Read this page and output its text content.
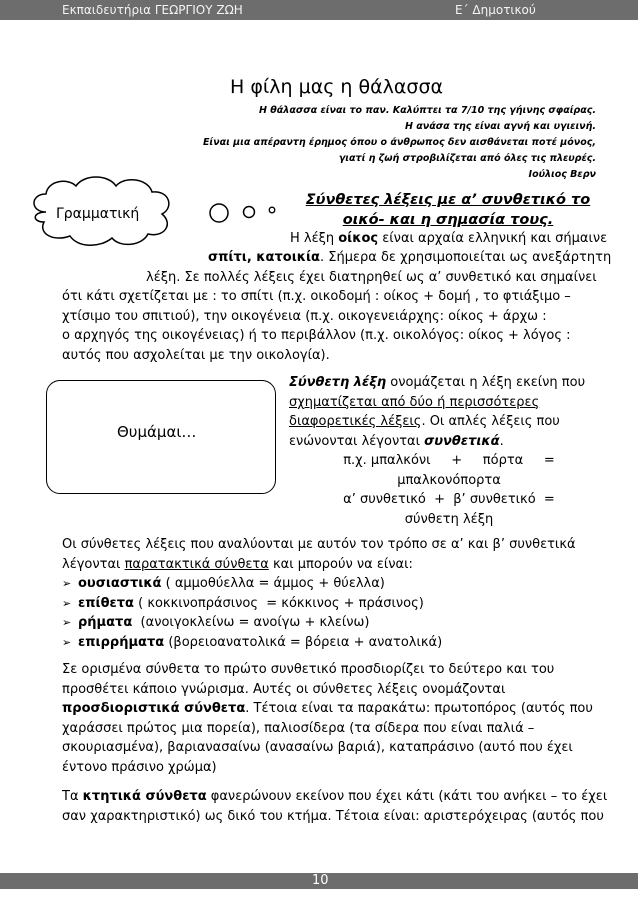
Εκπαιδευτήρια ΓΕΩΡΓΙΟΥ ΖΩΗ	Ε΄ Δημοτικού
Η φίλη μας η θάλασσα
Η θάλασσα είναι το παν. Καλύπτει τα 7/10 της γήινης σφαίρας.
Η ανάσα της είναι αγνή και υγιεινή.
Είναι μια απέραντη έρημος όπου ο άνθρωπος δεν αισθάνεται ποτέ μόνος,
γιατί η ζωή στροβιλίζεται από όλες τις πλευρές.
Ιούλιος Βερν
Γραμματική
Σύνθετες λέξεις με α’ συνθετικό το
οικό- και η σημασία τους.
Η λέξη οίκος είναι αρχαία ελληνική και σήμαινε
σπίτι, κατοικία. Σήμερα δε χρησιμοποιείται ως ανεξάρτητη
λέξη. Σε πολλές λέξεις έχει διατηρηθεί ως α’ συνθετικό και σημαίνει
ότι κάτι σχετίζεται με : το σπίτι (π.χ. οικοδομή : οίκος + δομή , το φτιάξιμο –
χτίσιμο του σπιτιού), την οικογένεια (π.χ. οικογενειάρχης: οίκος + άρχω :
ο αρχηγός της οικογένειας) ή το περιβάλλον (π.χ. οικολόγος: οίκος + λόγος :
αυτός που ασχολείται με την οικολογία).
Θυμάμαι…
Σύνθετη λέξη ονομάζεται η λέξη εκείνη που
σχηματίζεται από δύο ή περισσότερες
διαφορετικές λέξεις. Οι απλές λέξεις που
ενώνονται λέγονται συνθετικά.
π.χ. μπαλκόνι     +     πόρτα     =
μπαλκονόπορτα
α’ συνθετικό  +  β’ συνθετικό  =
σύνθετη λέξη
Οι σύνθετες λέξεις που αναλύονται με αυτόν τον τρόπο σε α’ και β’ συνθετικά
λέγονται παρατακτικά σύνθετα και μπορούν να είναι:
➢ ουσιαστικά ( αμμοθύελλα = άμμος + θύελλα)
➢ επίθετα ( κοκκινοπράσινος  = κόκκινος + πράσινος)
➢ ρήματα  (ανοιγοκλείνω = ανοίγω + κλείνω)
➢ επιρρήματα (βορειοανατολικά = βόρεια + ανατολικά)
Σε ορισμένα σύνθετα το πρώτο συνθετικό προσδιορίζει το δεύτερο και του
προσθέτει κάποιο γνώρισμα. Αυτές οι σύνθετες λέξεις ονομάζονται
προσδιοριστικά σύνθετα. Τέτοια είναι τα παρακάτω: πρωτοπόρος (αυτός που
χαράσσει πρώτος μια πορεία), παλιοσίδερα (τα σίδερα που είναι παλιά –
σκουριασμένα), βαριανασαίνω (ανασαίνω βαριά), καταπράσινο (αυτό που έχει
έντονο πράσινο χρώμα)
Τα κτητικά σύνθετα φανερώνουν εκείνον που έχει κάτι (κάτι του ανήκει – το έχει
σαν χαρακτηριστικό) ως δικό του κτήμα. Τέτοια είναι: αριστερόχειρας (αυτός που
10
